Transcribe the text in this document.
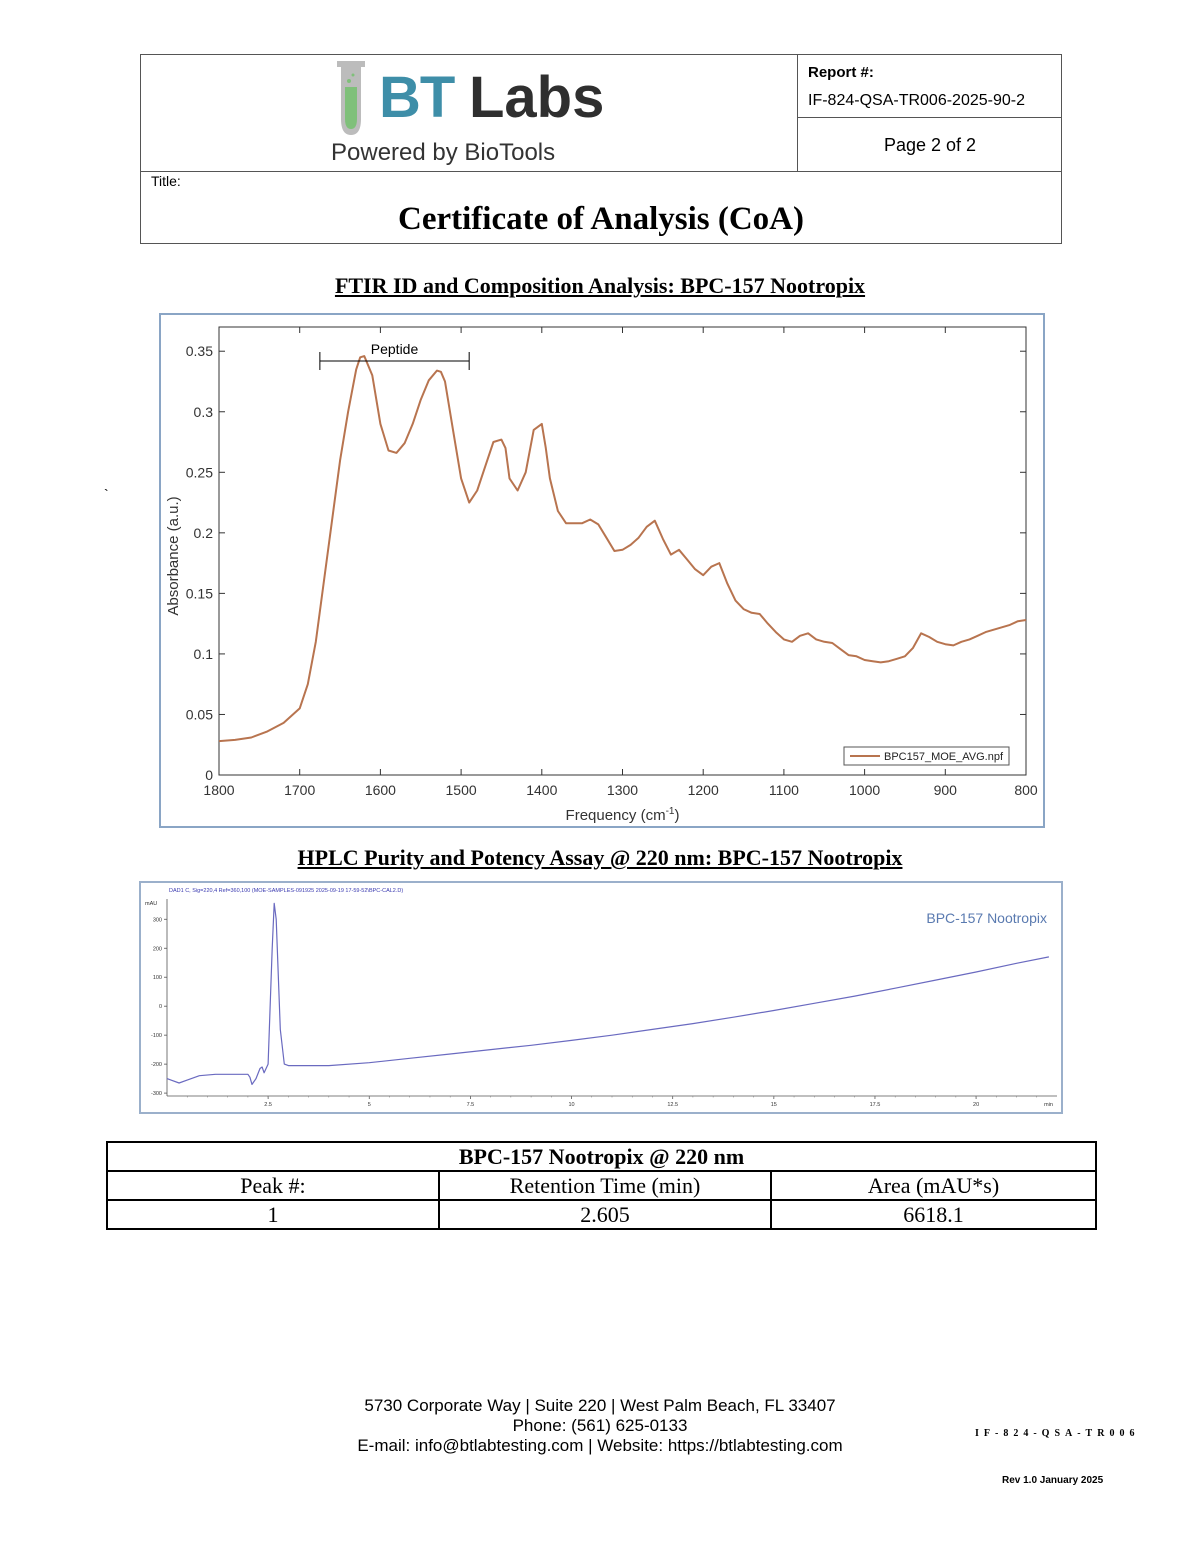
BT Labs
Powered by BioTools
Report #:
IF-824-QSA-TR006-2025-90-2
Page 2 of 2
Title:
Certificate of Analysis (CoA)
`
FTIR ID and Composition Analysis: BPC-157 Nootropix
0
0.05
0.1
0.15
0.2
0.25
0.3
0.35
1800	1700	1600	1500	1400	1300	1200	1100	1000	900	800
Frequency $(cm^{-1})$
Absorbance (a.u.)
Peptide
BPC157_MOE_AVG.npf
HPLC Purity and Potency Assay @ 220 nm: BPC-157 Nootropix
DAD1 C, Sig=220,4 Ref=360,100 (MOE-SAMPLES-091925 2025-09-19 17-59-52\BPC-CAL2.D)
mAU
300
200
100
0
-100
-200
-300
2.5	5	7.5	10	12.5	15	17.5	20	min
BPC-157 Nootropix
BPC-157 Nootropix @ 220 nm		
Peak #:	Retention Time (min)	Area (mAU*s)
1	2.605	6618.1
5730 Corporate Way | Suite 220 | West Palm Beach, FL 33407
Phone: (561) 625-0133
E-mail: info@btlabtesting.com | Website: https://btlabtesting.com
IF-824-QSA-TR006
Rev 1.0 January 2025
